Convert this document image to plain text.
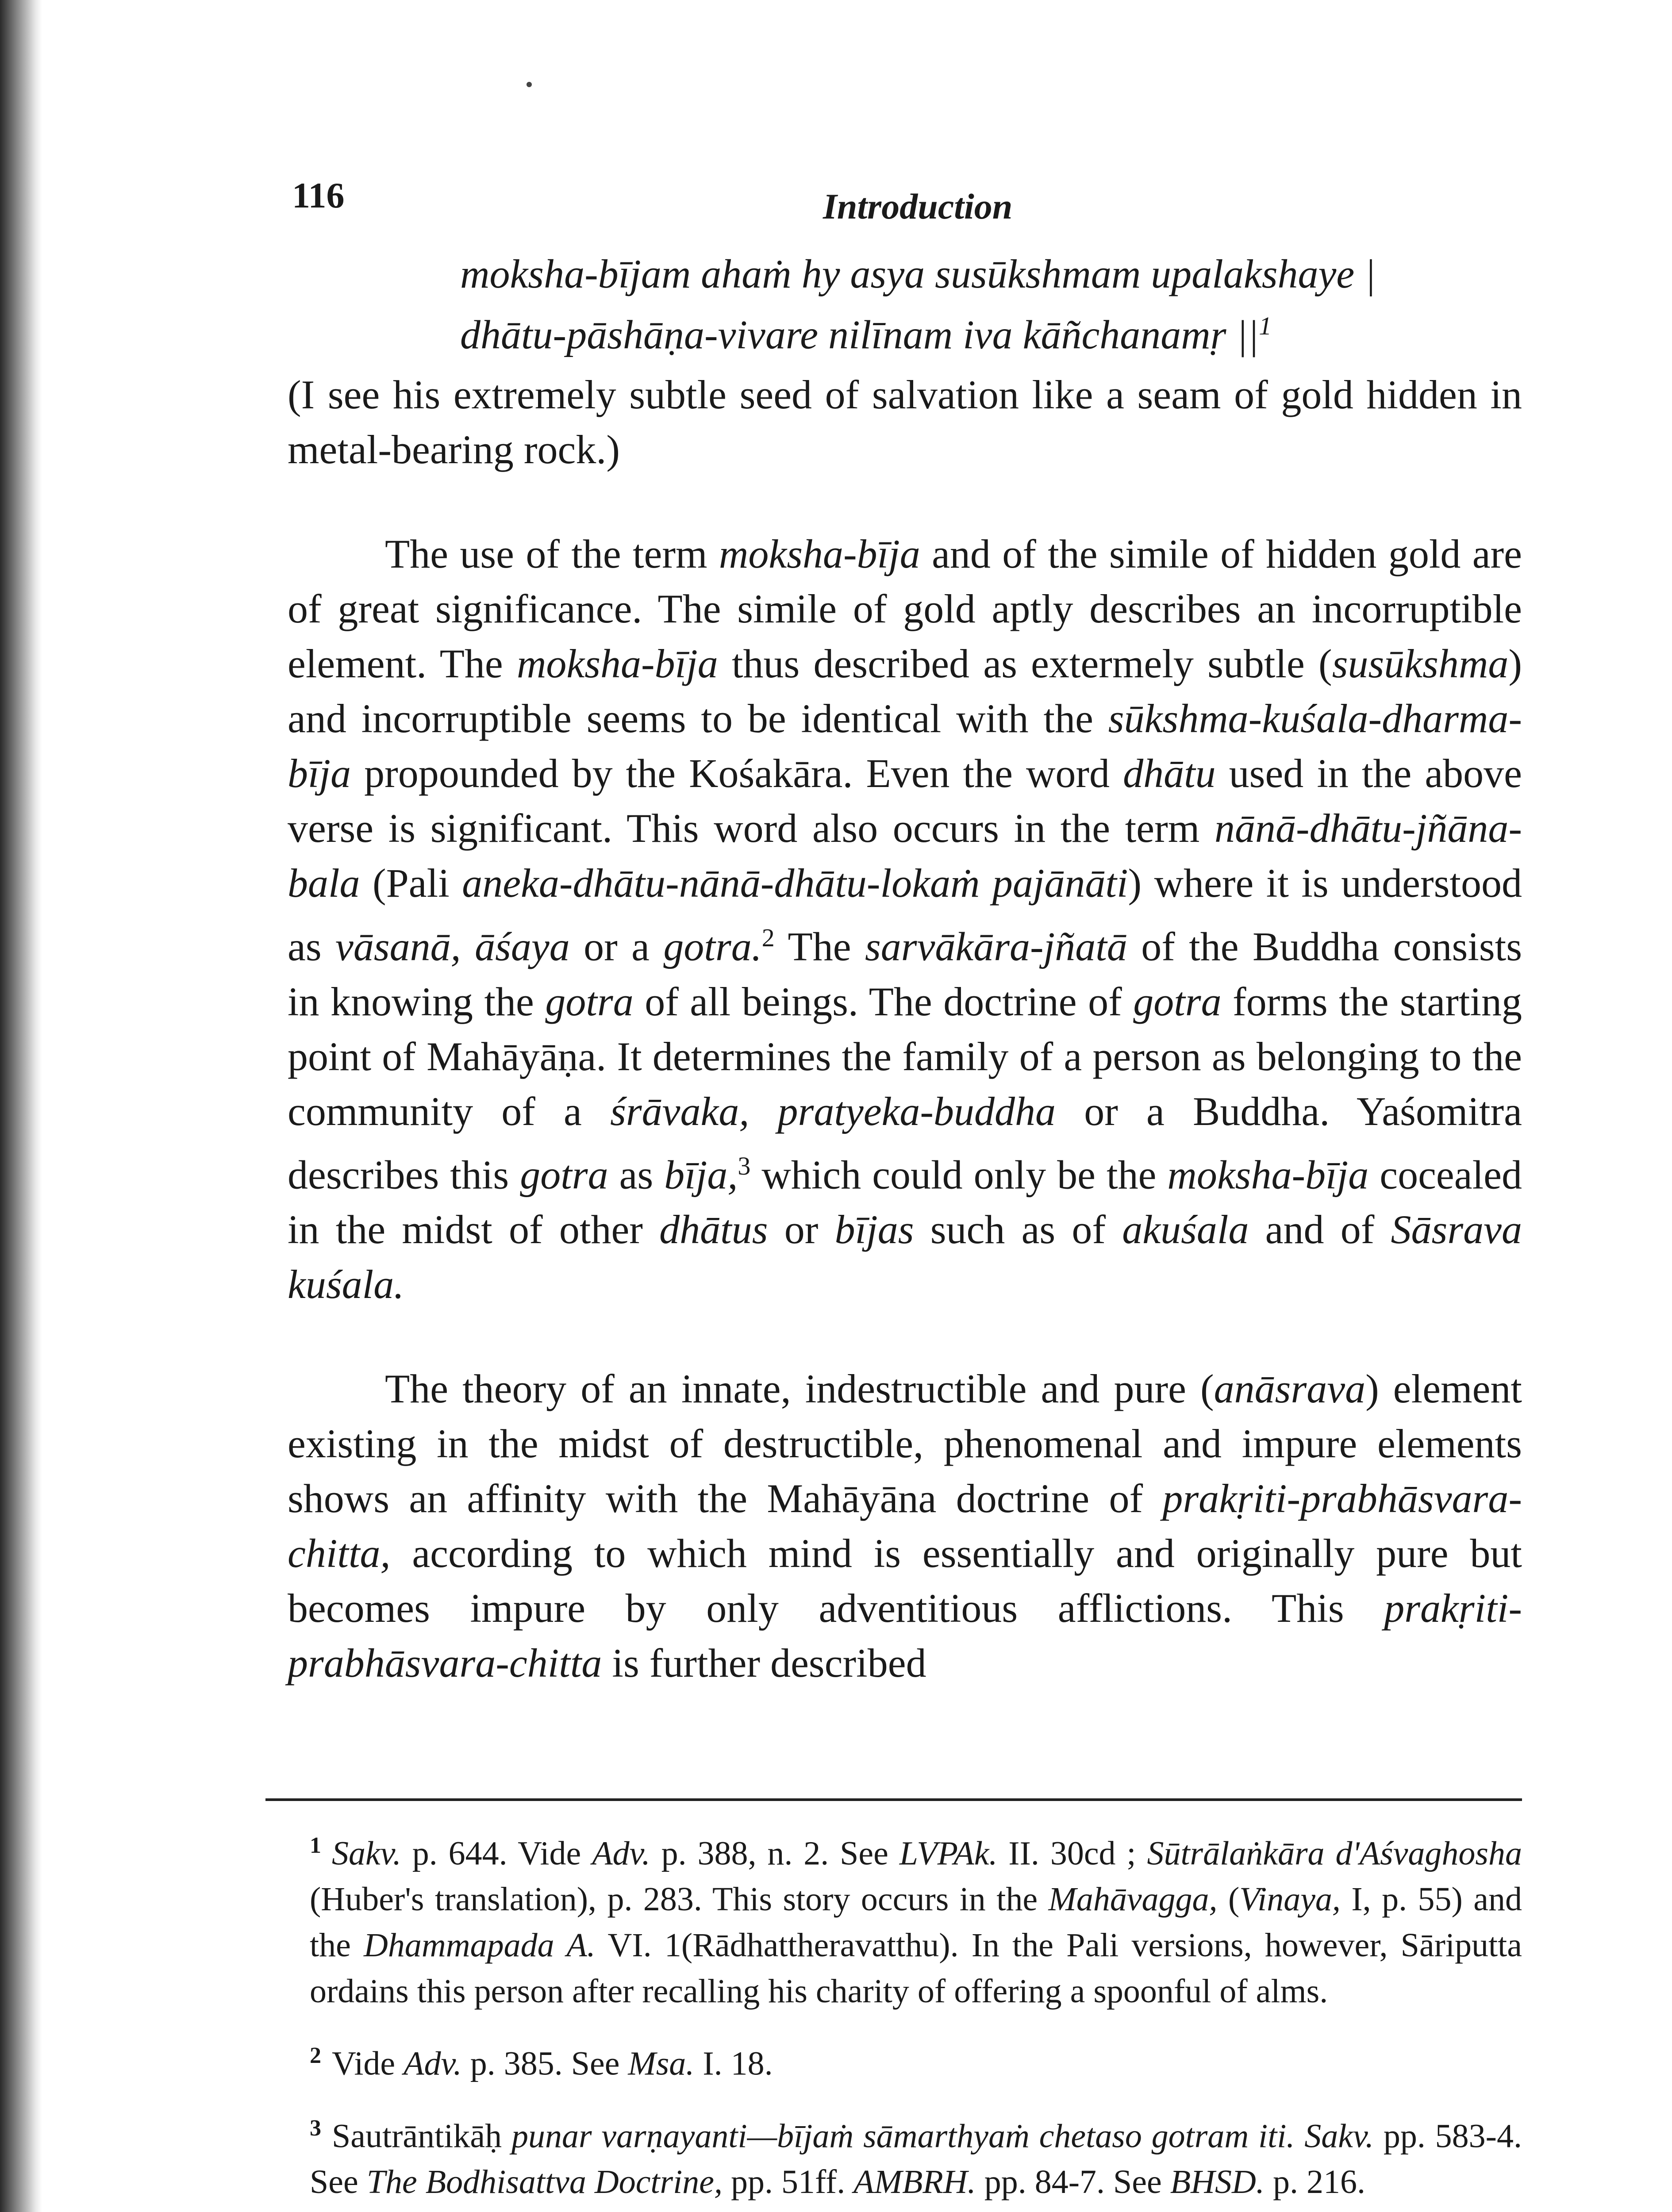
116	Introduction

moksha-bījam ahaṁ hy asya susūkshmam upalakshaye |

dhātu-pāshāṇa-vivare nilīnam iva kāñchanamṛ ||$^1$

(I see his extremely subtle seed of salvation like a seam of gold hidden in metal-bearing rock.)

The use of the term moksha-bīja and of the simile of hidden gold are of great significance. The simile of gold aptly describes an incorruptible element. The moksha-bīja thus described as extermely subtle (susūkshma) and incorruptible seems to be identical with the sūkshma-kuśala-dharma-bīja propounded by the Kośakāra. Even the word dhātu used in the above verse is significant. This word also occurs in the term nānā-dhātu-jñāna-bala (Pali aneka-dhātu-nānā-dhātu-lokaṁ pajānāti) where it is understood as vāsanā, āśaya or a gotra.$^2$ The sarvākāra-jñatā of the Buddha consists in knowing the gotra of all beings. The doctrine of gotra forms the starting point of Mahāyāṇa. It determines the family of a person as belonging to the community of a śrāvaka, pratyeka-buddha or a Buddha. Yaśomitra describes this gotra as bīja,$^3$ which could only be the moksha-bīja cocealed in the midst of other dhātus or bījas such as of akuśala and of Sāsrava kuśala.

The theory of an innate, indestructible and pure (anāsrava) element existing in the midst of destructible, phenomenal and impure elements shows an affinity with the Mahāyāna doctrine of prakṛiti-prabhāsvara-chitta, according to which mind is essentially and originally pure but becomes impure by only adventitious afflictions. This prakṛiti-prabhāsvara-chitta is further described

$^1$ Sakv. p. 644. Vide Adv. p. 388, n. 2. See LVPAk. II. 30cd ; Sūtrālaṅkāra d'Aśvaghosha (Huber's translation), p. 283. This story occurs in the Mahāvagga, (Vinaya, I, p. 55) and the Dhammapada A. VI. 1(Rādhattheravatthu). In the Pali versions, however, Sāriputta ordains this person after recalling his charity of offering a spoonful of alms.

$^2$ Vide Adv. p. 385. See Msa. I. 18.

$^3$ Sautrāntikāḥ punar varṇayanti—bījaṁ sāmarthyaṁ chetaso gotram iti. Sakv. pp. 583-4. See The Bodhisattva Doctrine, pp. 51ff. AMBRH. pp. 84-7. See BHSD. p. 216.
